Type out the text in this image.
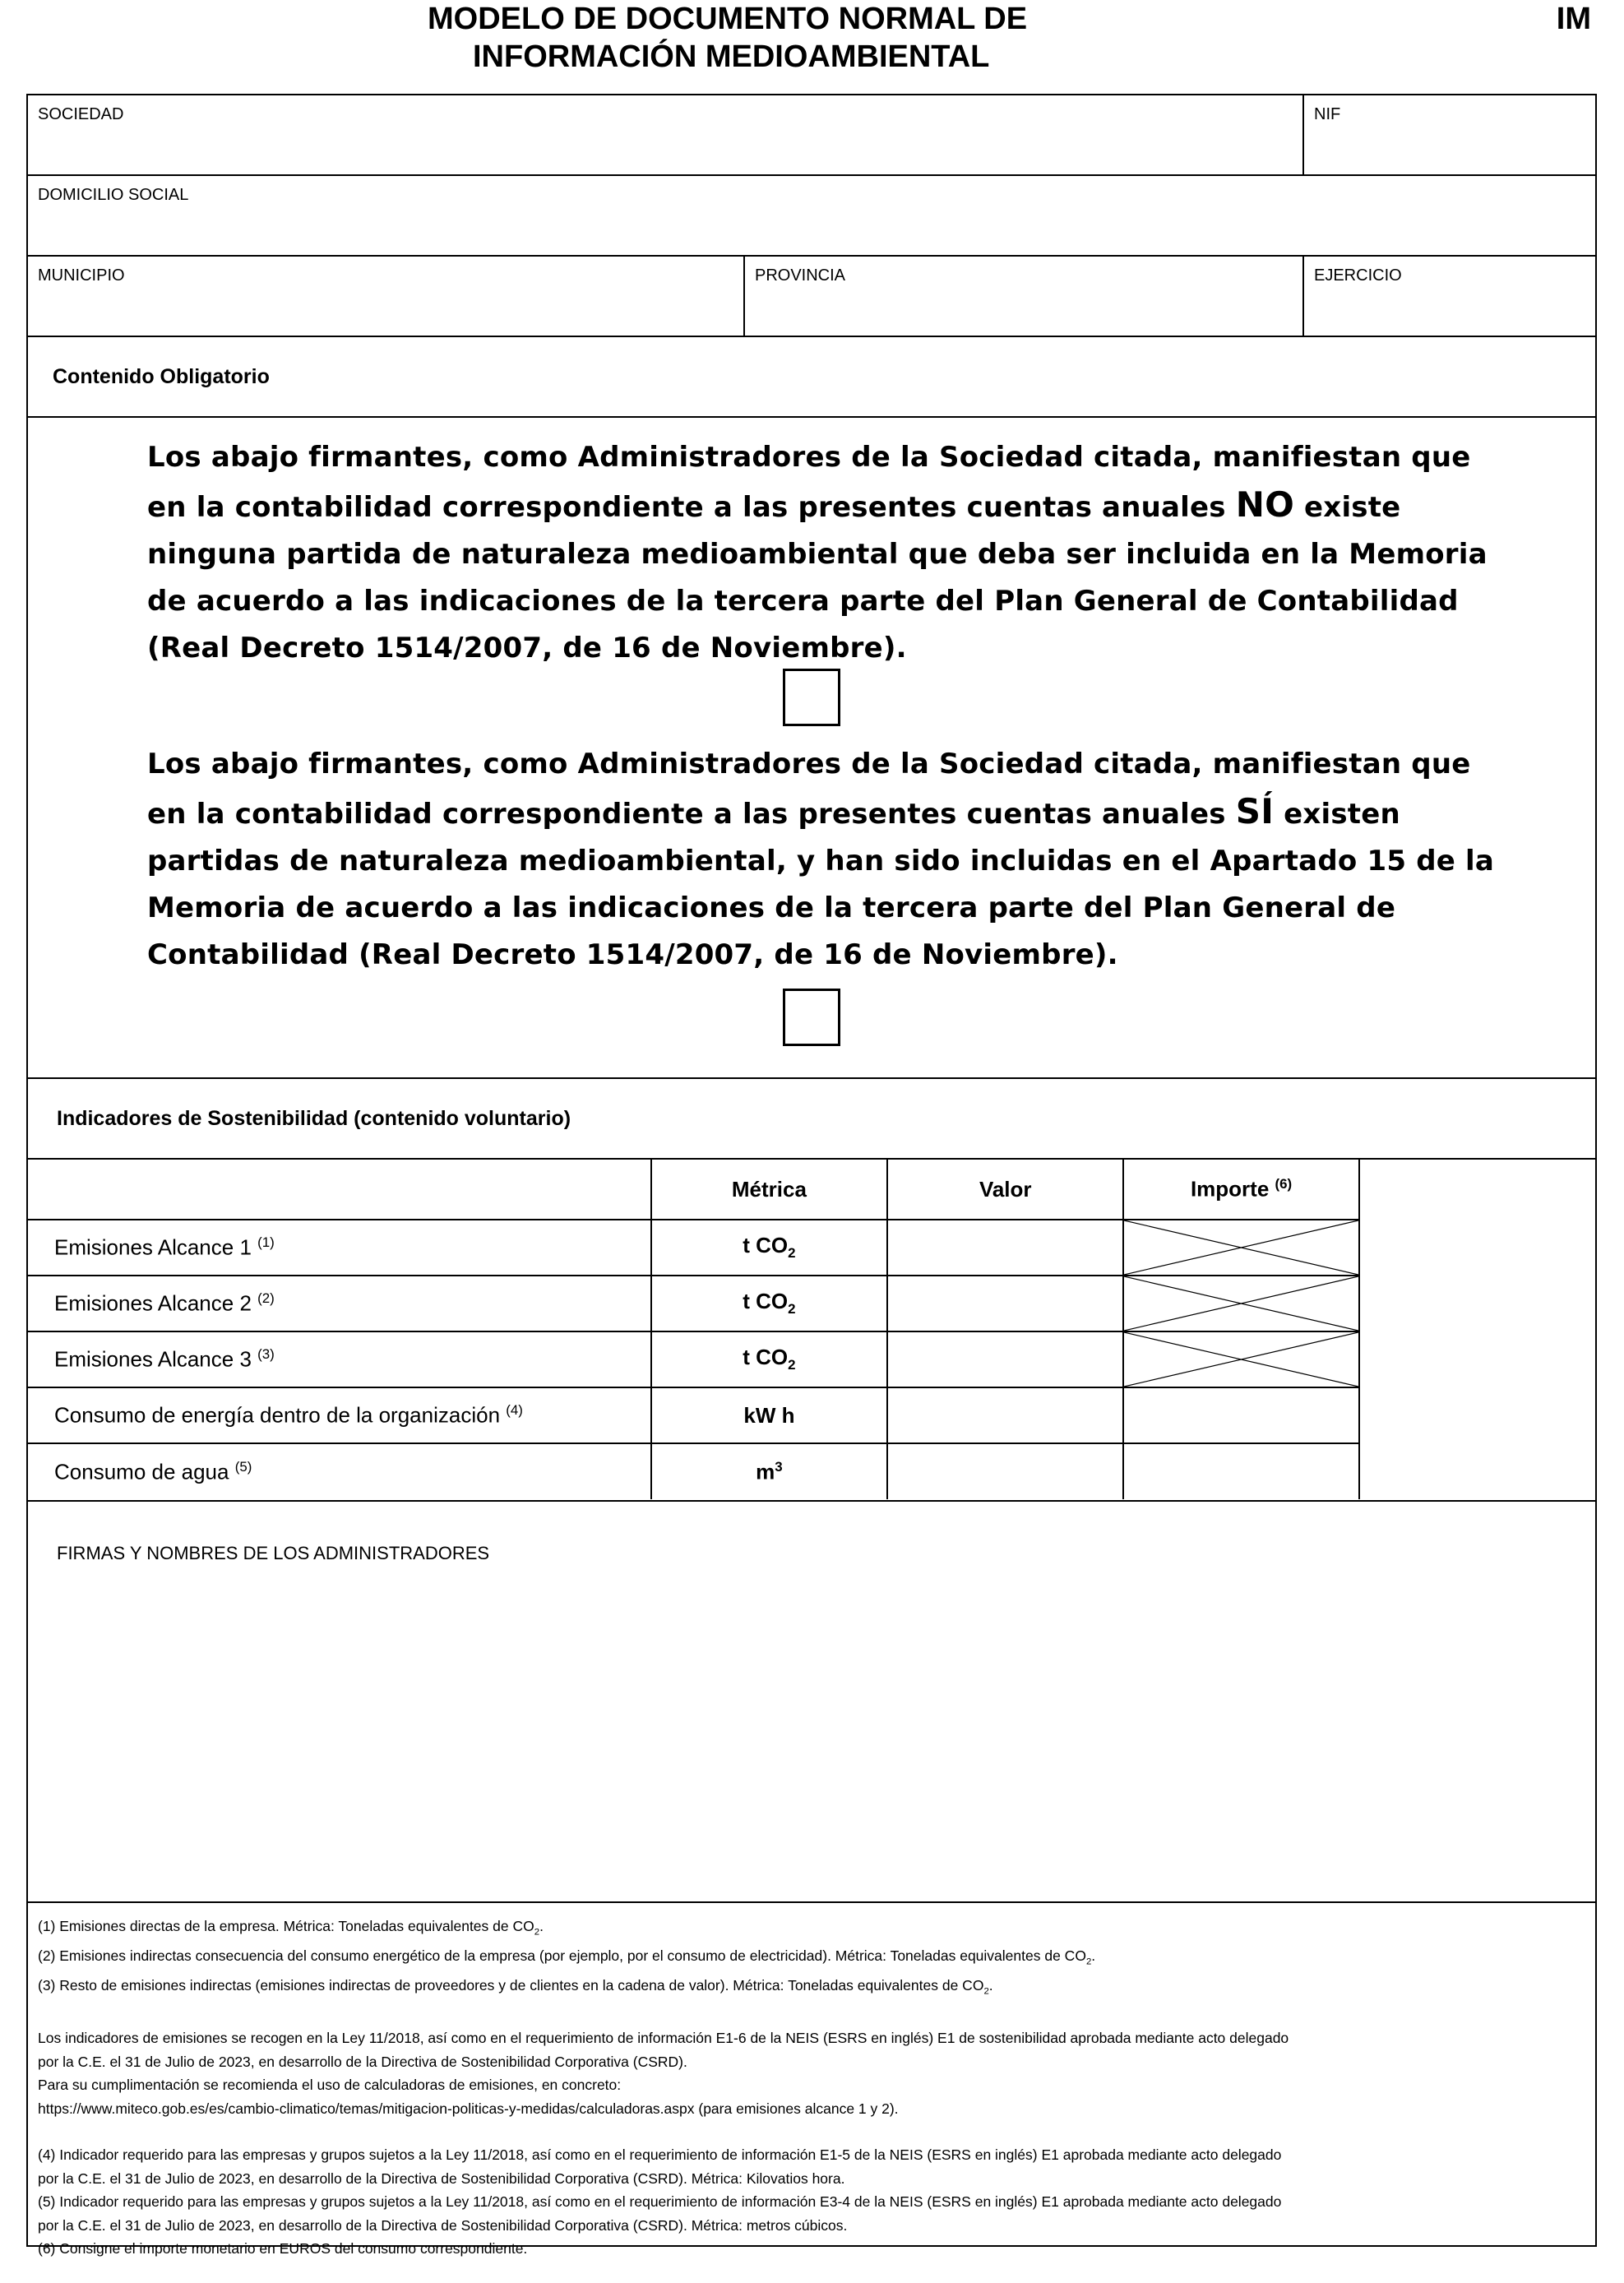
MODELO DE DOCUMENTO NORMAL DE
INFORMACIÓN MEDIOAMBIENTAL
IM
SOCIEDAD	NIF
DOMICILIO SOCIAL
MUNICIPIO	PROVINCIA	EJERCICIO
Contenido Obligatorio
Los abajo firmantes, como Administradores de la Sociedad citada, manifiestan que en la contabilidad correspondiente a las presentes cuentas anuales NO existe ninguna partida de naturaleza medioambiental que deba ser incluida en la Memoria de acuerdo a las indicaciones de la tercera parte del Plan General de Contabilidad (Real Decreto 1514/2007, de 16 de Noviembre).
Los abajo firmantes, como Administradores de la Sociedad citada, manifiestan que en la contabilidad correspondiente a las presentes cuentas anuales SÍ existen partidas de naturaleza medioambiental, y han sido incluidas en el Apartado 15 de la Memoria de acuerdo a las indicaciones de la tercera parte del Plan General de Contabilidad (Real Decreto 1514/2007, de 16 de Noviembre).
Indicadores de Sostenibilidad (contenido voluntario)
	Métrica	Valor	Importe $^{(6)}$
Emisiones Alcance 1 $^{(1)}$	t $CO_2$		

Emisiones Alcance 2 $^{(2)}$	t $CO_2$		

Emisiones Alcance 3 $^{(3)}$	t $CO_2$		

Consumo de energía dentro de la organización $^{(4)}$	kW h		
Consumo de agua $^{(5)}$	$m^3$		
FIRMAS Y NOMBRES DE LOS ADMINISTRADORES

(1) Emisiones directas de la empresa. Métrica: Toneladas equivalentes de $CO_2$.

(2) Emisiones indirectas consecuencia del consumo energético de la empresa (por ejemplo, por el consumo de electricidad). Métrica: Toneladas equivalentes de $CO_2$.

(3) Resto de emisiones indirectas (emisiones indirectas de proveedores y de clientes en la cadena de valor). Métrica: Toneladas equivalentes de $CO_2$.

Los indicadores de emisiones se recogen en la Ley 11/2018, así como en el requerimiento de información E1-6 de la NEIS (ESRS en inglés) E1 de sostenibilidad aprobada mediante acto delegado

por la C.E. el 31 de Julio de 2023, en desarrollo de la Directiva de Sostenibilidad Corporativa (CSRD).

Para su cumplimentación se recomienda el uso de calculadoras de emisiones, en concreto:

https://www.miteco.gob.es/es/cambio-climatico/temas/mitigacion-politicas-y-medidas/calculadoras.aspx (para emisiones alcance 1 y 2).

(4) Indicador requerido para las empresas y grupos sujetos a la Ley 11/2018, así como en el requerimiento de información E1-5 de la NEIS (ESRS en inglés) E1 aprobada mediante acto delegado

por la C.E. el 31 de Julio de 2023, en desarrollo de la Directiva de Sostenibilidad Corporativa (CSRD). Métrica: Kilovatios hora.

(5) Indicador requerido para las empresas y grupos sujetos a la Ley 11/2018, así como en el requerimiento de información E3-4 de la NEIS (ESRS en inglés) E1 aprobada mediante acto delegado

por la C.E. el 31 de Julio de 2023, en desarrollo de la Directiva de Sostenibilidad Corporativa (CSRD). Métrica: metros cúbicos.

(6) Consigne el importe monetario en EUROS del consumo correspondiente.
